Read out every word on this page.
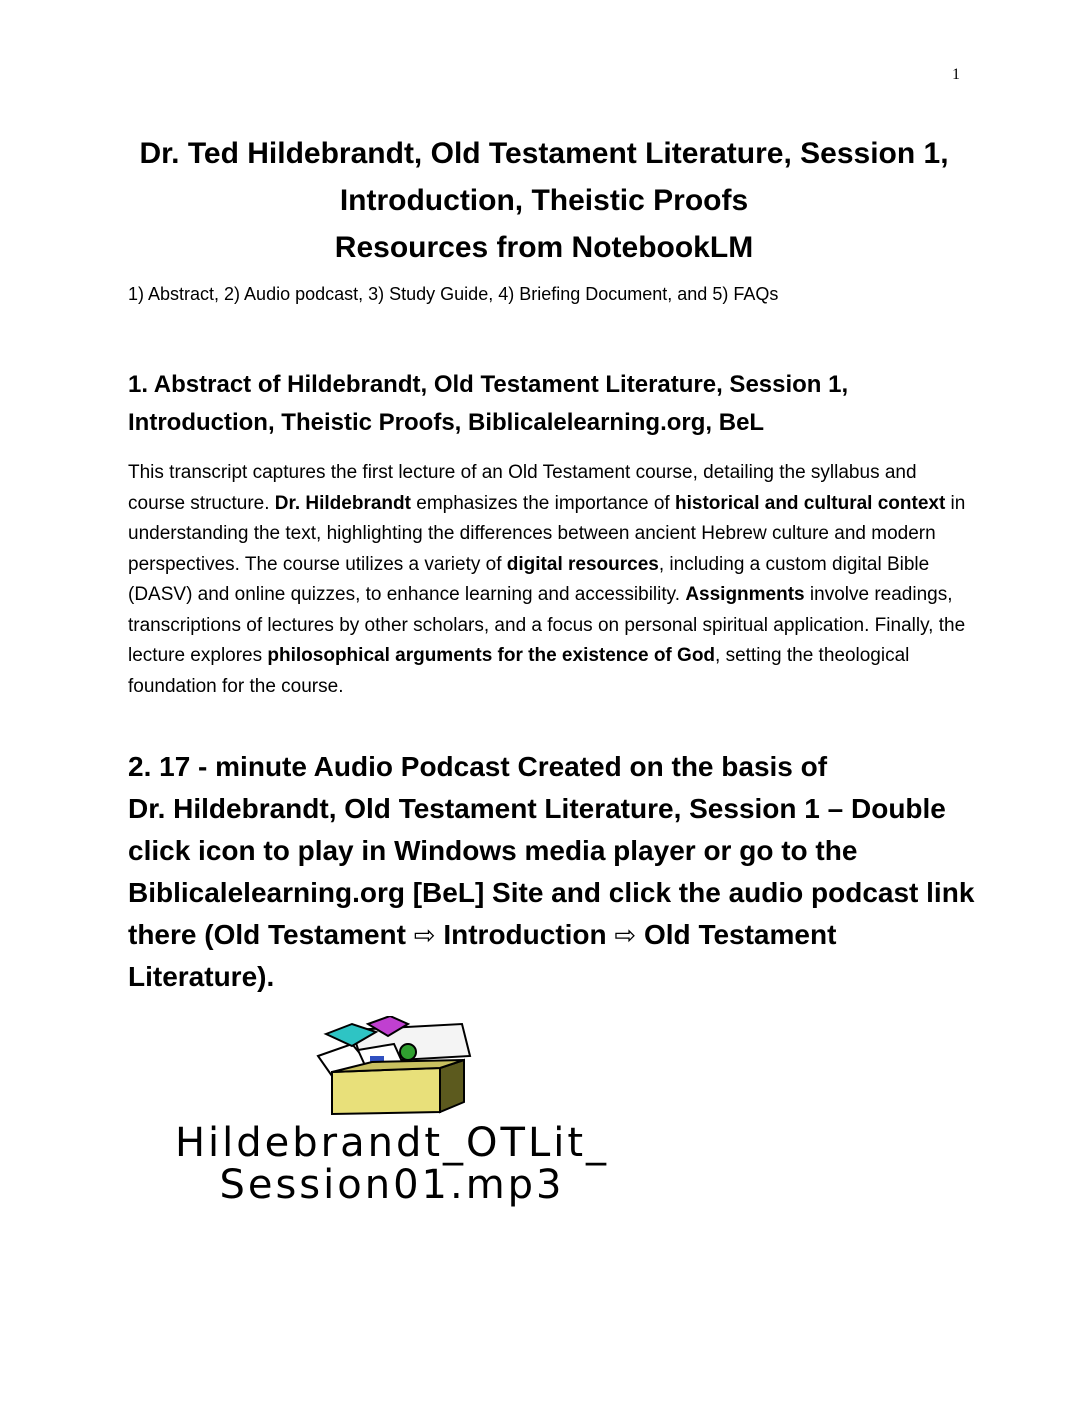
1
Dr. Ted Hildebrandt, Old Testament Literature, Session 1,
Introduction, Theistic Proofs
Resources from NotebookLM
1) Abstract, 2) Audio podcast, 3) Study Guide, 4) Briefing Document, and 5) FAQs
1. Abstract of Hildebrandt, Old Testament Literature, Session 1,
Introduction, Theistic Proofs, Biblicalelearning.org, BeL
This transcript captures the first lecture of an Old Testament course, detailing the syllabus and course structure. Dr. Hildebrandt emphasizes the importance of historical and cultural context in understanding the text, highlighting the differences between ancient Hebrew culture and modern perspectives. The course utilizes a variety of digital resources, including a custom digital Bible (DASV) and online quizzes, to enhance learning and accessibility. Assignments involve readings, transcriptions of lectures by other scholars, and a focus on personal spiritual application. Finally, the lecture explores philosophical arguments for the existence of God, setting the theological foundation for the course.
2. 17 - minute Audio Podcast Created on the basis of
Dr. Hildebrandt, Old Testament Literature, Session 1 – Double click icon to play in Windows media player or go to the Biblicalelearning.org [BeL] Site and click the audio podcast link there (Old Testament ⇨ Introduction ⇨ Old Testament Literature).
Hildebrandt_OTLit_
Session01.mp3
